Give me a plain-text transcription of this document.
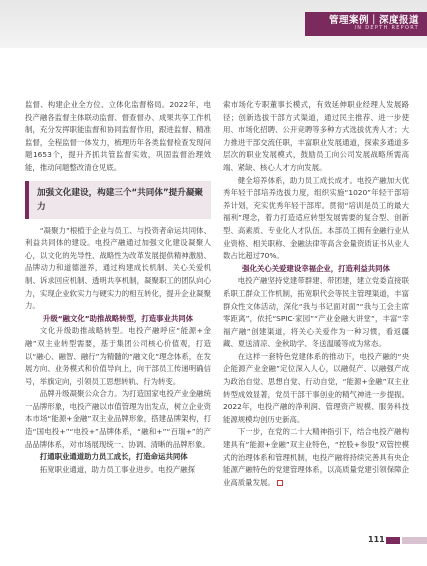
管理案例｜深度报道
IN DEPTH REPORT

监督、构建企业全方位、立体化监督格局。2022年，电投产融各监督主体联动监督、督查督办、成果共享工作机制，充分发挥职能监督和协同监督作用，跟进监督、精准监督，全程监督一体发力，梳理历年各类监督检查发现问题1653个，提升齐抓共管监督实效，巩固监督治理效能，推动问题整改清仓见底。

加强文化建设，构建三个“共同体”提升凝聚力

“凝聚力”根植于企业与员工、与投资者命运共同体、利益共同体的建设。电投产融通过加强文化建设凝聚人心，以文化的先导性、战略性为改革发展提供精神激励、品牌动力和道德滋养，通过构建成长机制、关心关爱机制、诉求回应机制、透明共享机制，凝聚职工的团队向心力，实现企业软实力与硬实力的相互转化，提升企业凝聚力。

升级“融文化”助推战略转型，打造事业共同体

文化升级助推战略转型。电投产融呼应“能源+金融”双主业转型需要，基于集团公司核心价值观，打造以“融心、融智、融行”为精髓的“融文化”理念体系，在发展方向、业务模式和价值导向上，向干部员工传递明确信号，举旗定向，引领员工思想转轨、行为转变。

品牌升级凝聚公众合力。为打造国家电投产业金融统一品牌形象，电投产融以市值管理为出发点，树立企业资本市场“能源+金融”双主业品牌形象，搭建品牌架构，打造“国电投+”“电投+”品牌体系，“融和+”“百瑞+”的产品品牌体系，对市场展现统一、协调、清晰的品牌形象。

打通职业通道助力员工成长，打造命运共同体

拓宽职业通道，助力员工事业进步。电投产融探

索市场化专职董事长模式，有效延伸职业经理人发展路径；创新选拔干部方式渠道，通过民主推荐、进一步使用、市场化招聘、公开竞聘等多种方式选拔优秀人才；大力推进干部交流任职，丰富职业发展通道，探索多通道多层次的职业发展模式，鼓励员工向公司发展战略所需高端、紧缺、核心人才方向发展。

健全培养体系，助力员工成长成才。电投产融加大优秀年轻干部培养选拔力度，组织实施“1020”年轻干部培养计划，充实优秀年轻干部库。贯彻“培训是员工的最大福利”理念，着力打造适应转型发展需要的复合型、创新型、高素质、专业化人才队伍。本部员工拥有金融行业从业资格、相关职称、金融法律等高含金量资质证书从业人数占比超过70%。

强化关心关爱建设幸福企业，打造利益共同体

电投产融坚持党建带群建、带团建，建立党委直接联系职工群众工作机制，拓宽职代会等民主管理渠道，丰富群众性文体活动，深化“我与书记面对面”“我与工会主席零距离”，依托“SPIC·家园”“产业金融大讲堂”，丰富“幸福产融”创建渠道，将关心关爱作为一种习惯，看返疆藏、夏送清凉、金秋助学、冬送温暖等成为常态。

在这样一套特色党建体系的推动下，电投产融的“央企能源产业金融”定位深入人心，以融促产、以融强产成为政治自觉、思想自觉、行动自觉，“能源+金融”双主业转型成效显著，党员干部干事创业的精气神进一步提振。2022年，电投产融的净利润、管理资产规模、服务科技能源规模均创历史新高。

下一步，在党的二十大精神指引下，结合电投产融构建具有“能源+金融”双主业特色，“控股+参股”双管控模式的治理体系和管理机制，电投产融将持续完善具有央企能源产融特色的党建管理体系，以高质量党建引领保障企业高质量发展。

111
